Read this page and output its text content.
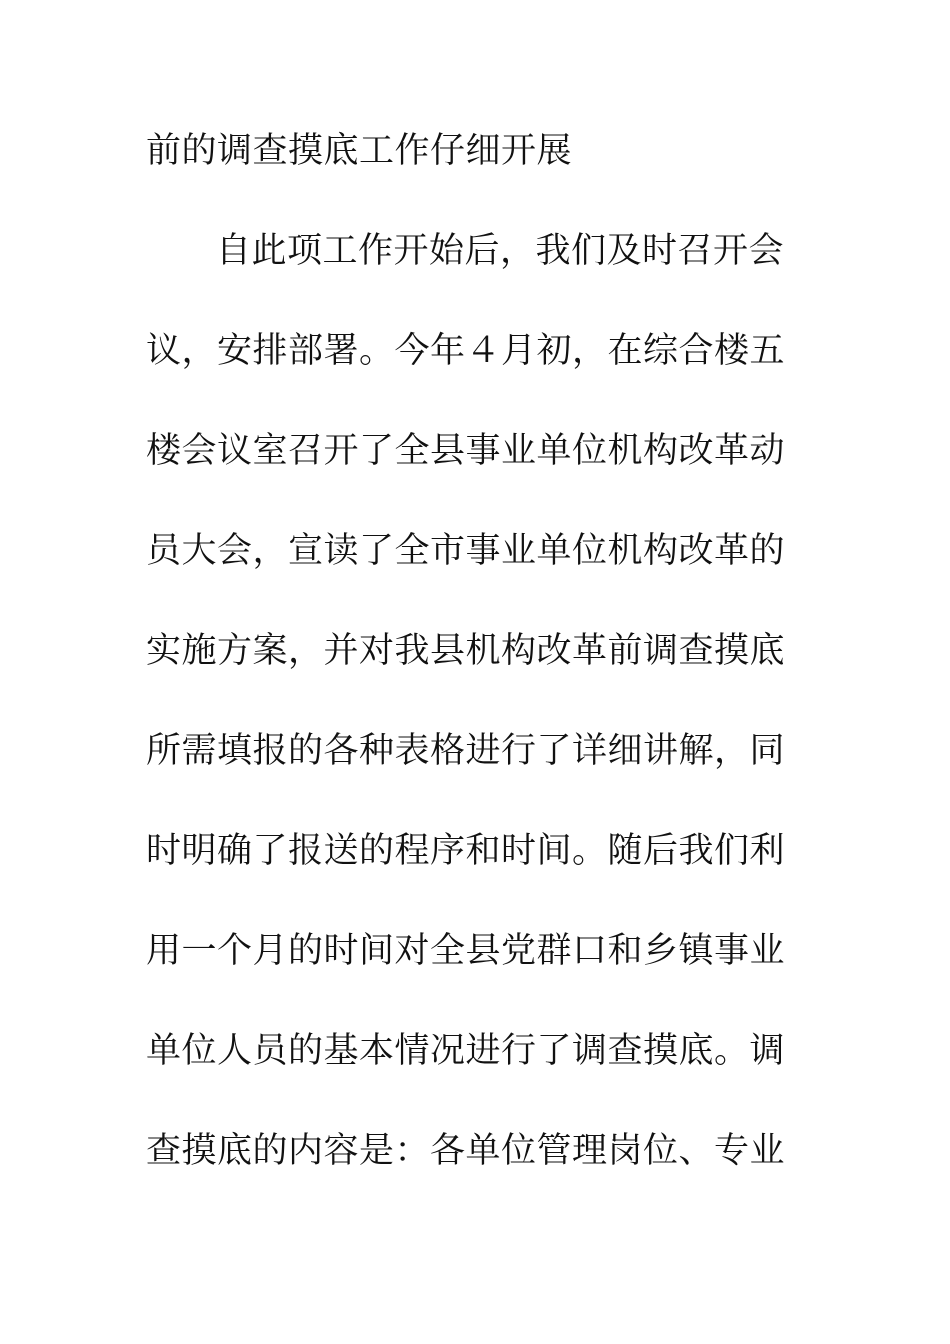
前的调查摸底工作仔细开展
自此项工作开始后，我们及时召开会
议，安排部署。今年４月初，在综合楼五
楼会议室召开了全县事业单位机构改革动
员大会，宣读了全市事业单位机构改革的
实施方案，并对我县机构改革前调查摸底
所需填报的各种表格进行了详细讲解，同
时明确了报送的程序和时间。随后我们利
用一个月的时间对全县党群口和乡镇事业
单位人员的基本情况进行了调查摸底。调
查摸底的内容是：各单位管理岗位、专业
